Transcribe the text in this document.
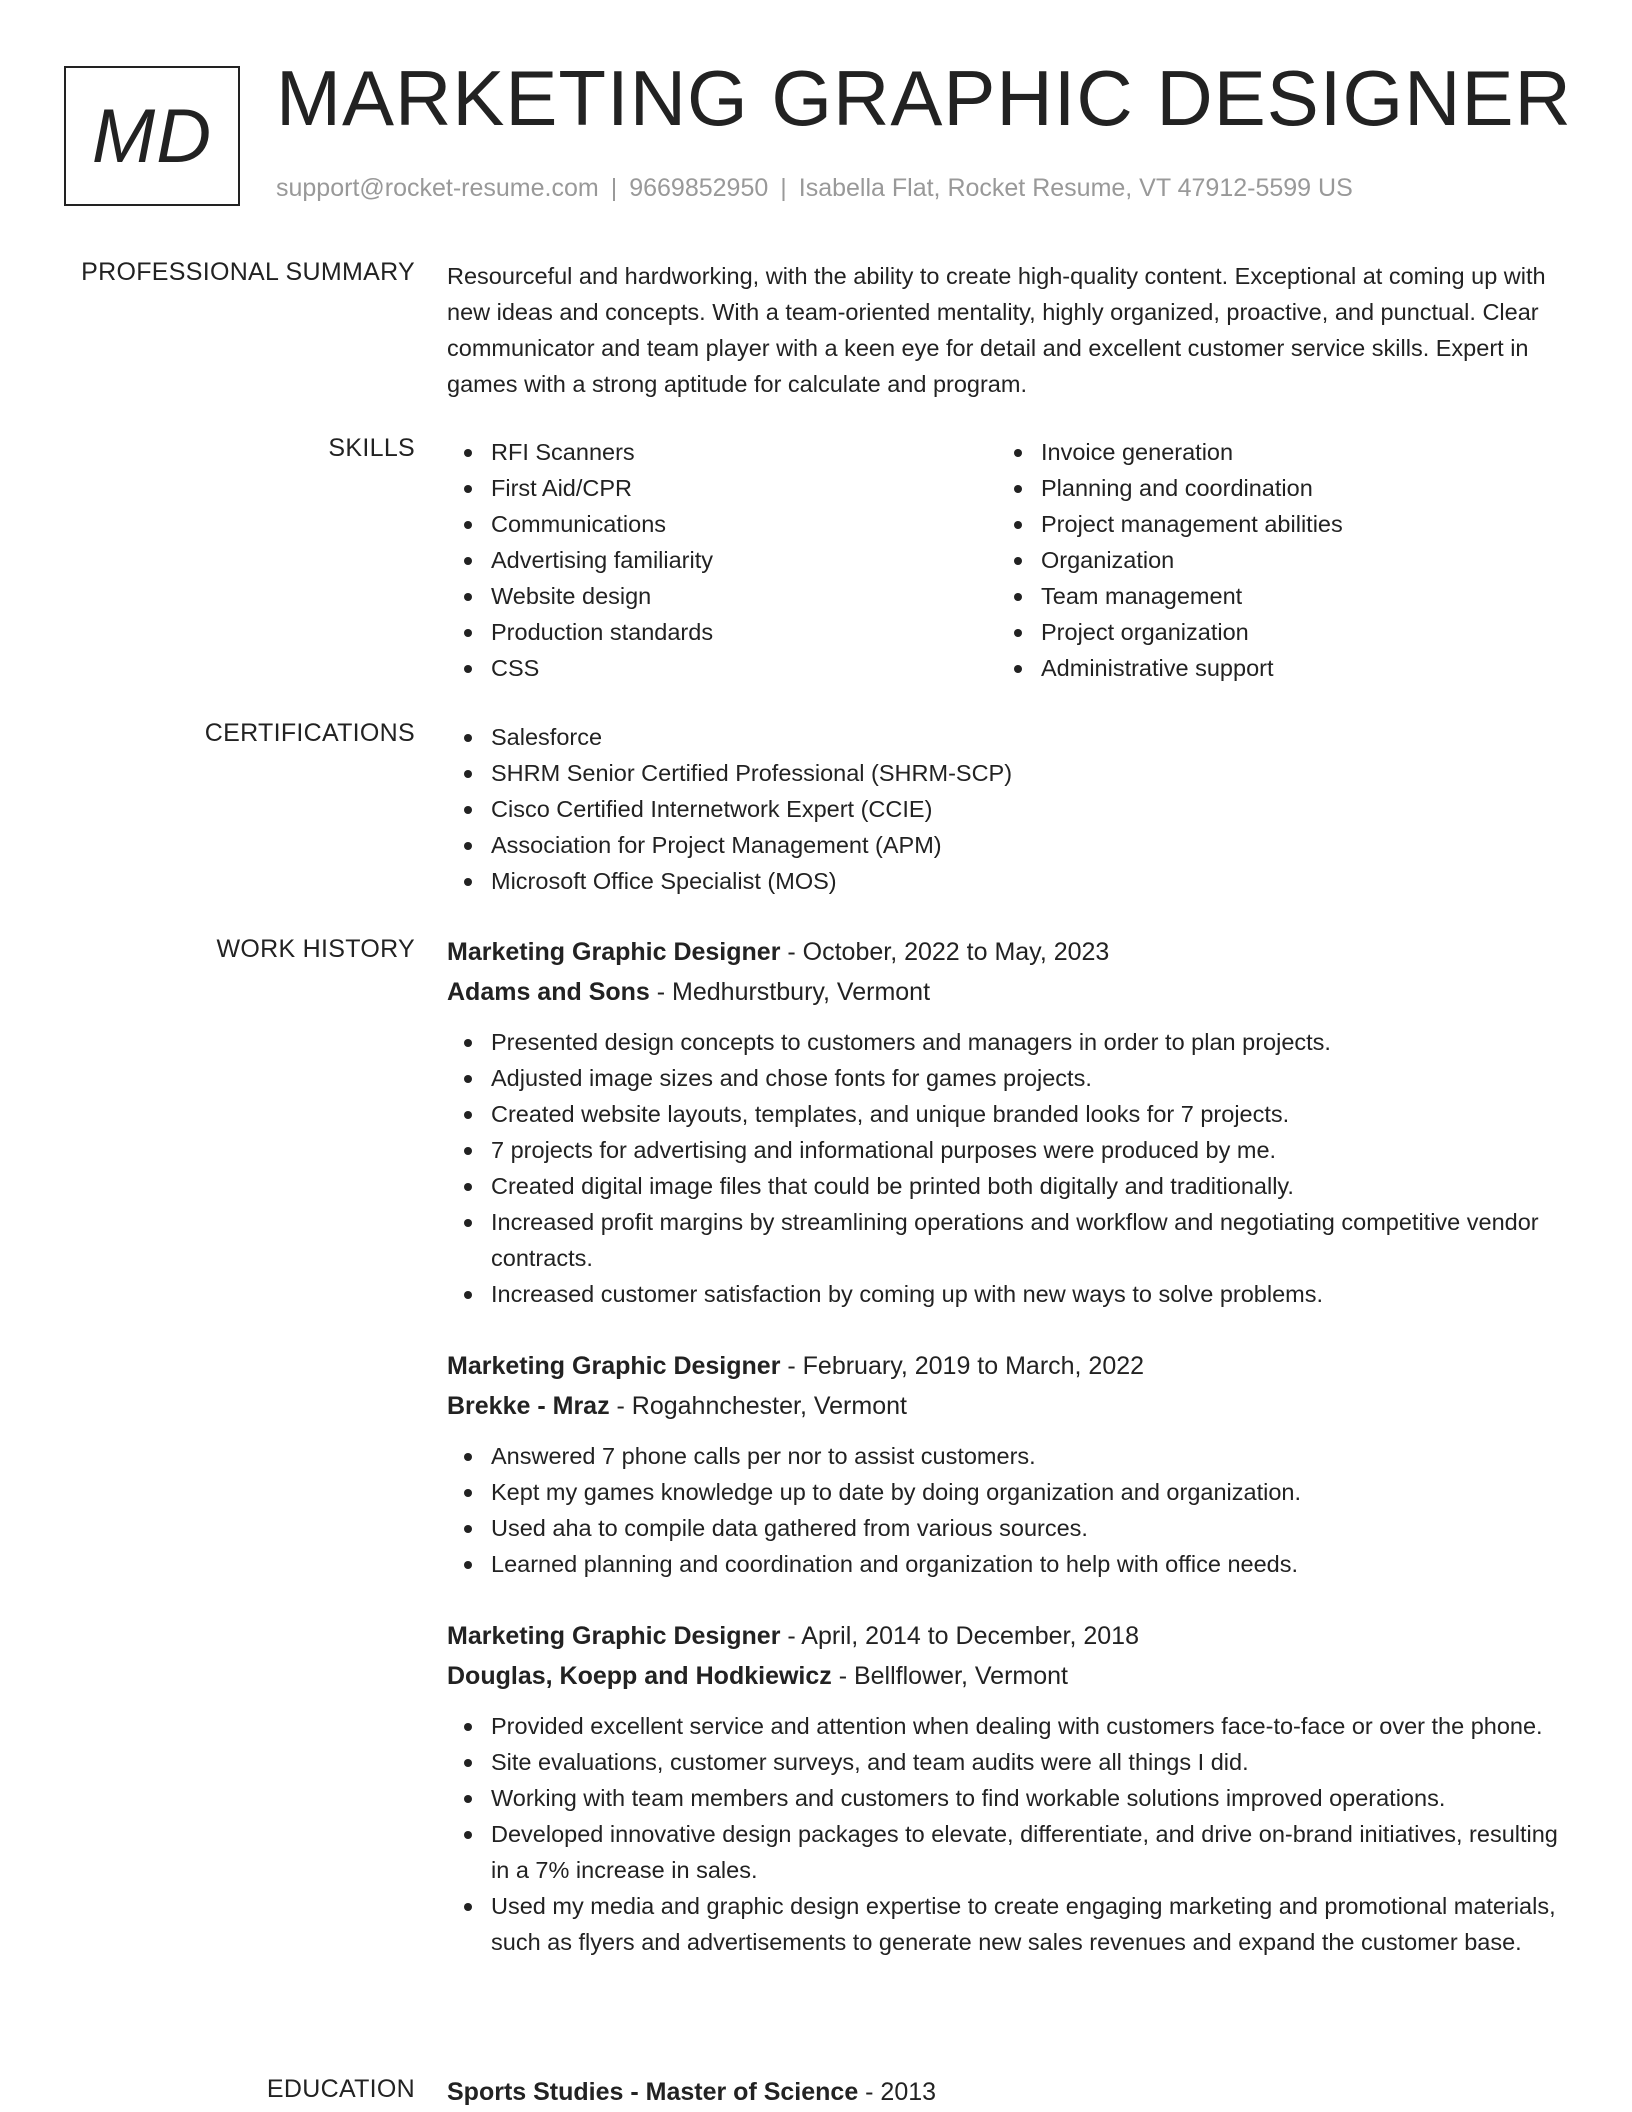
MD MARKETING GRAPHIC DESIGNER
support@rocket-resume.com | 9669852950 | Isabella Flat, Rocket Resume, VT 47912-5599 US
PROFESSIONAL SUMMARY Resourceful and hardworking, with the ability to create high-quality content. Exceptional at coming up with new ideas and concepts. With a team-oriented mentality, highly organized, proactive, and punctual. Clear communicator and team player with a keen eye for detail and excellent customer service skills. Expert in games with a strong aptitude for calculate and program.

SKILLS	RFI Scanners
First Aid/CPR
Communications
Advertising familiarity
Website design
Production standards
CSS
Invoice generation
Planning and coordination
Project management abilities
Organization
Team management
Project organization
Administrative support
CERTIFICATIONS	Salesforce
SHRM Senior Certified Professional (SHRM-SCP)
Cisco Certified Internetwork Expert (CCIE)
Association for Project Management (APM)
Microsoft Office Specialist (MOS)
WORK HISTORY Marketing Graphic Designer - October, 2022 to May, 2023
Adams and Sons - Medhurstbury, Vermont
Presented design concepts to customers and managers in order to plan projects.
Adjusted image sizes and chose fonts for games projects.
Created website layouts, templates, and unique branded looks for 7 projects.
7 projects for advertising and informational purposes were produced by me.
Created digital image files that could be printed both digitally and traditionally.
Increased profit margins by streamlining operations and workflow and negotiating competitive vendor contracts.
Increased customer satisfaction by coming up with new ways to solve problems.
Marketing Graphic Designer - February, 2019 to March, 2022
Brekke - Mraz - Rogahnchester, Vermont
Answered 7 phone calls per nor to assist customers.
Kept my games knowledge up to date by doing organization and organization.
Used aha to compile data gathered from various sources.
Learned planning and coordination and organization to help with office needs.
Marketing Graphic Designer - April, 2014 to December, 2018
Douglas, Koepp and Hodkiewicz - Bellflower, Vermont
Provided excellent service and attention when dealing with customers face-to-face or over the phone.
Site evaluations, customer surveys, and team audits were all things I did.
Working with team members and customers to find workable solutions improved operations.
Developed innovative design packages to elevate, differentiate, and drive on-brand initiatives, resulting in a 7% increase in sales.
Used my media and graphic design expertise to create engaging marketing and promotional materials, such as flyers and advertisements to generate new sales revenues and expand the customer base.
EDUCATION Sports Studies - Master of Science - 2013
